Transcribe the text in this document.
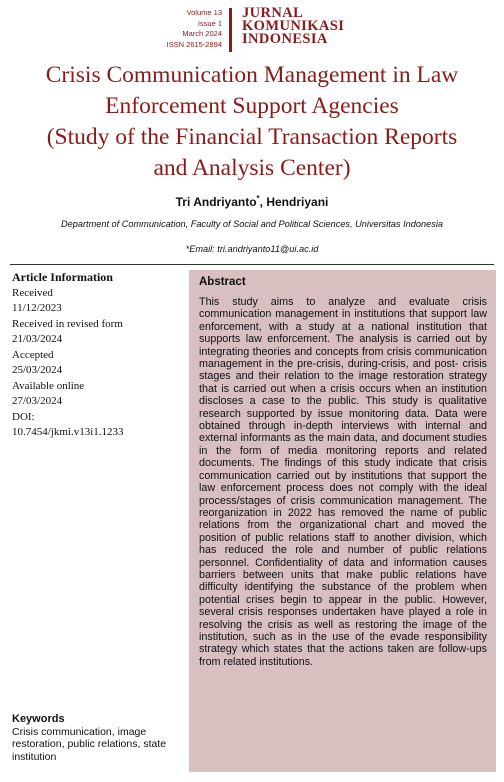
Volume 13
Issue 1
March 2024
ISSN 2615-2894
JURNAL
KOMUNIKASI
INDONESIA
Crisis Communication Management in Law
Enforcement Support Agencies
(Study of the Financial Transaction Reports
and Analysis Center)
Tri Andriyanto*, Hendriyani
Department of Communication, Faculty of Social and Political Sciences, Universitas Indonesia
*Email: tri.andriyanto11@ui.ac.id
Article Information
Received
11/12/2023
Received in revised form
21/03/2024
Accepted
25/03/2024
Available online
27/03/2024
DOI:
10.7454/jkmi.v13i1.1233
Keywords
Crisis communication, image restoration, public relations, state institution
Abstract
This study aims to analyze and evaluate crisis communication management in institutions that support law enforcement, with a study at a national institution that supports law enforcement. The analysis is carried out by integrating theories and concepts from crisis communication management in the pre-crisis, during-crisis, and post- crisis stages and their relation to the image restoration strategy that is carried out when a crisis occurs when an institution discloses a case to the public. This study is qualitative research supported by issue monitoring data. Data were obtained through in-depth interviews with internal and external informants as the main data, and document studies in the form of media monitoring reports and related documents. The findings of this study indicate that crisis communication carried out by institutions that support the law enforcement process does not comply with the ideal process/stages of crisis communication management. The reorganization in 2022 has removed the name of public relations from the organizational chart and moved the position of public relations staff to another division, which has reduced the role and number of public relations personnel. Confidentiality of data and information causes barriers between units that make public relations have difficulty identifying the substance of the problem when potential crises begin to appear in the public. However, several crisis responses undertaken have played a role in resolving the crisis as well as restoring the image of the institution, such as in the use of the evade responsibility strategy which states that the actions taken are follow-ups from related institutions.
